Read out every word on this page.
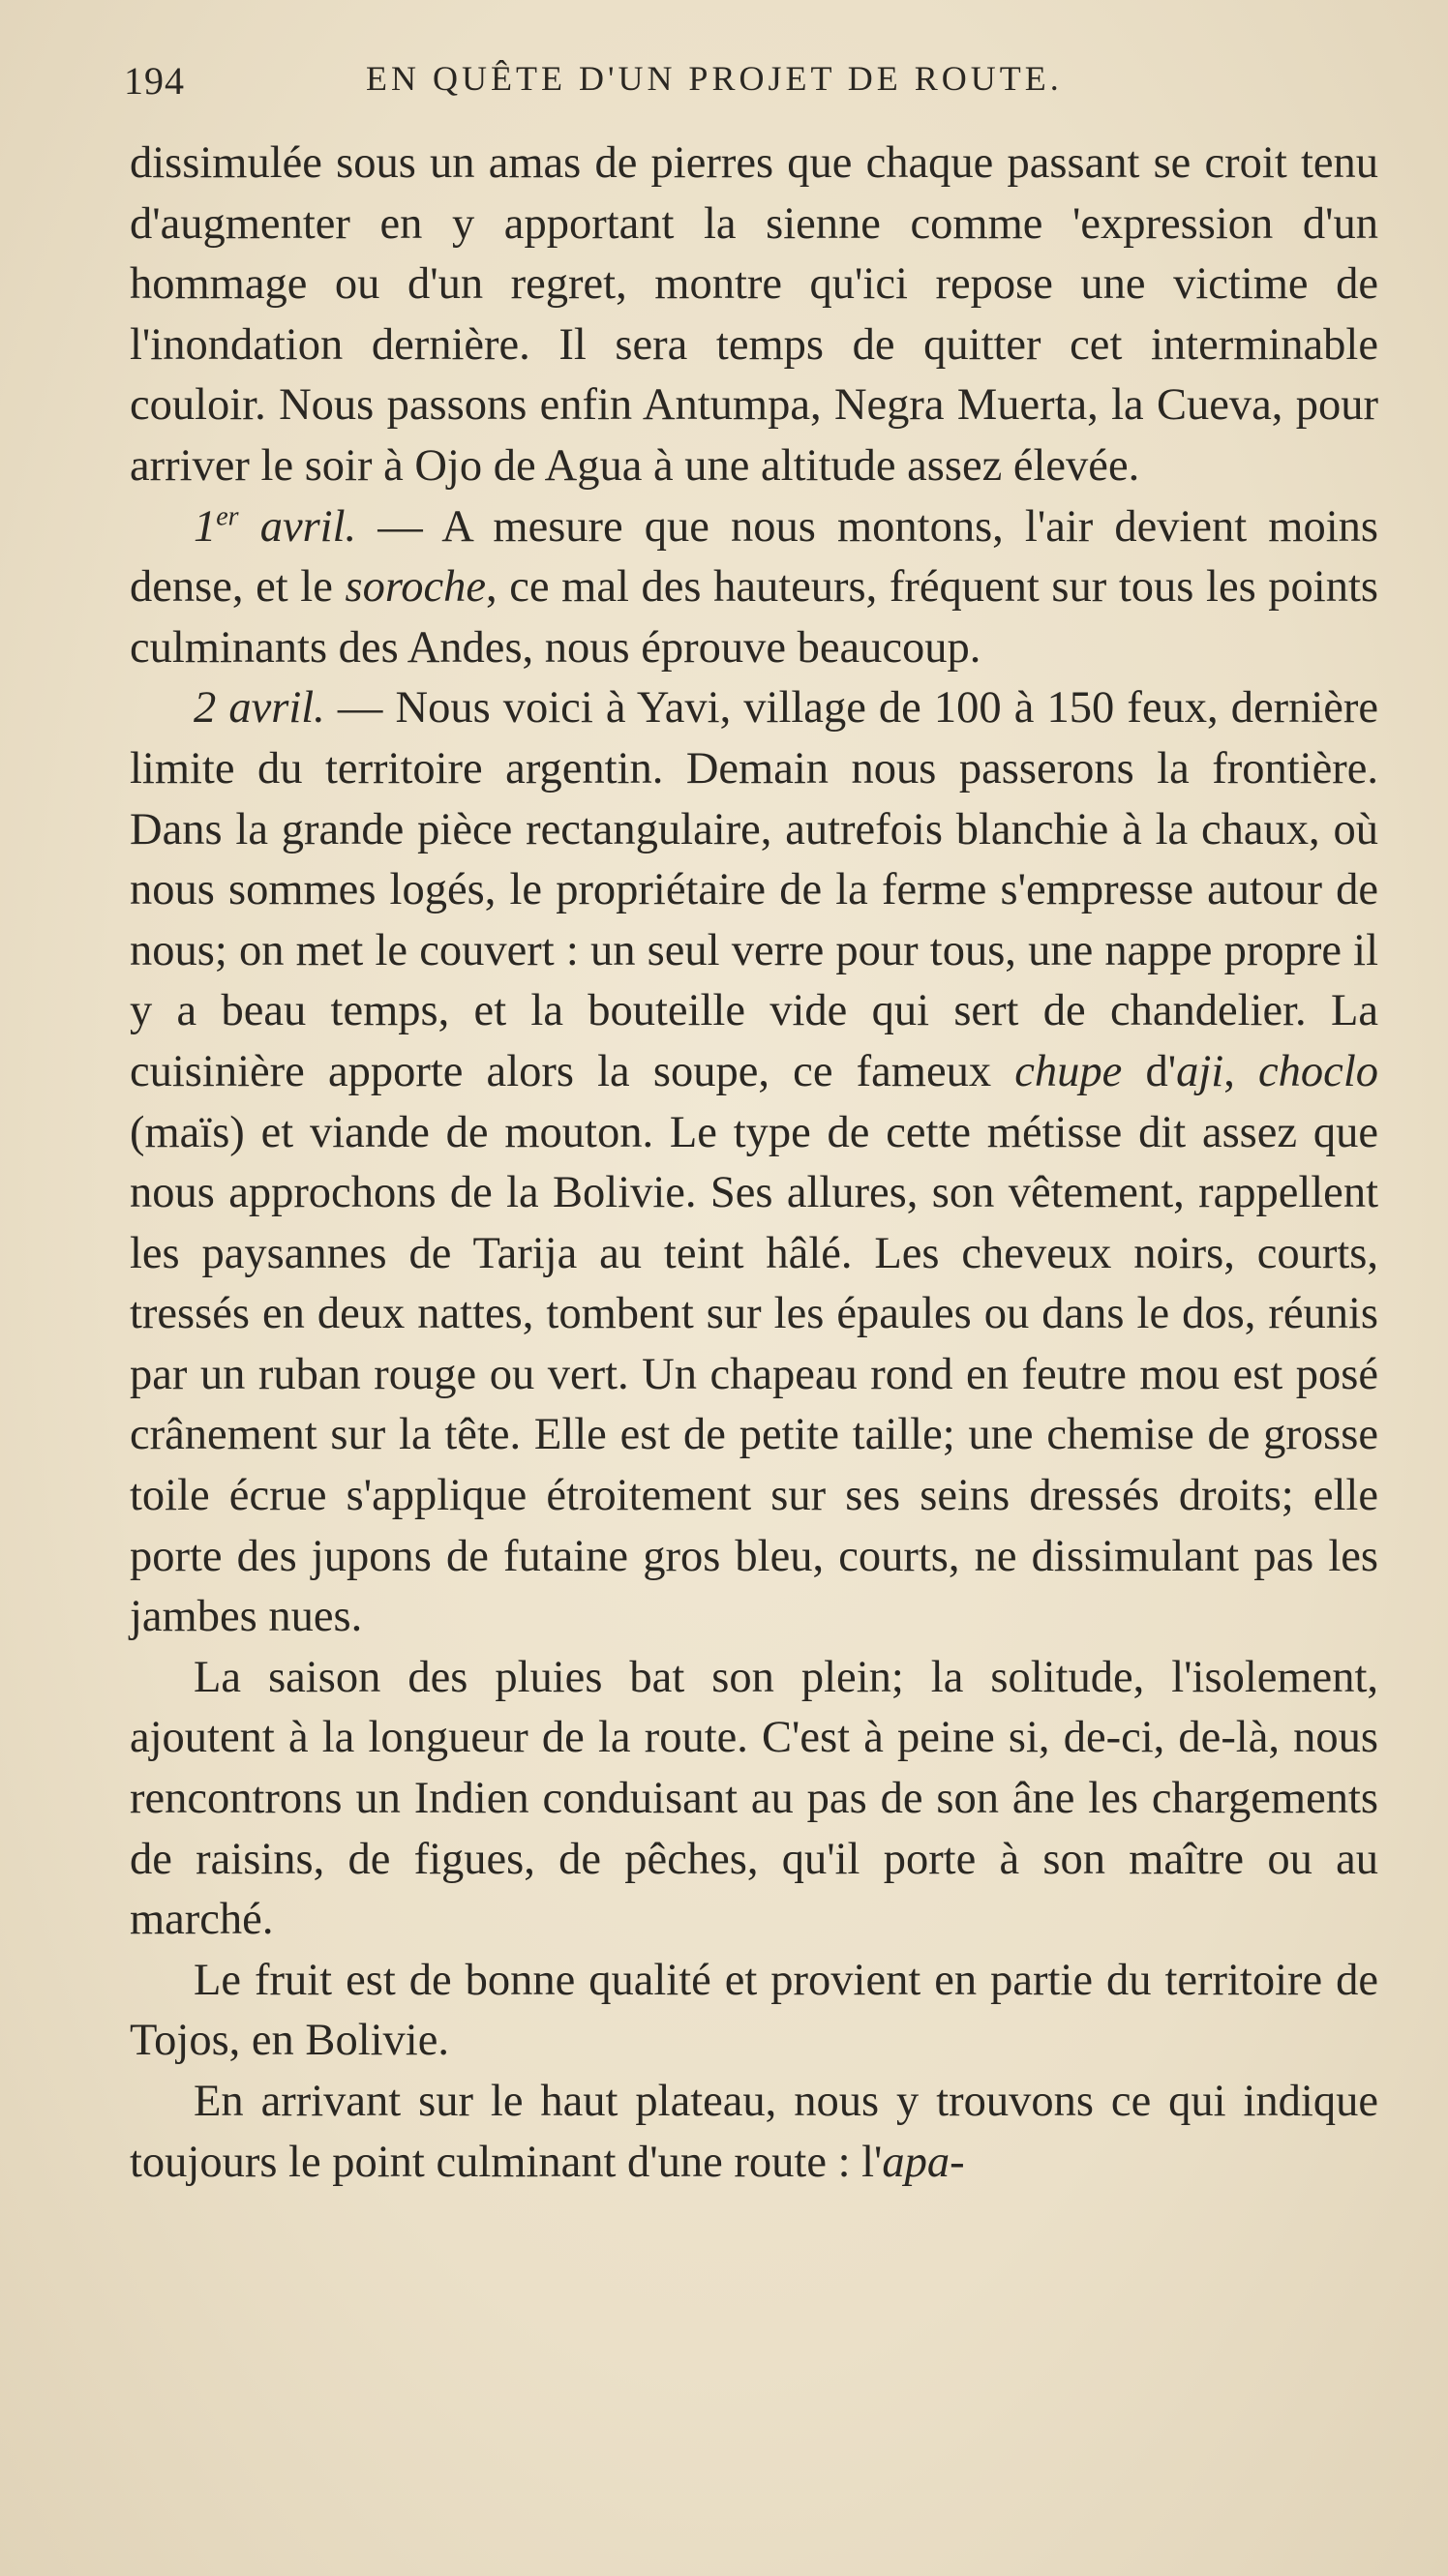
194	EN QUÊTE D'UN PROJET DE ROUTE.

dissimulée sous un amas de pierres que chaque passant se croit tenu d'augmenter en y apportant la sienne comme 'expression d'un hommage ou d'un regret, montre qu'ici repose une victime de l'inondation dernière. Il sera temps de quitter cet interminable couloir. Nous passons enfin Antumpa, Negra Muerta, la Cueva, pour arriver le soir à Ojo de Agua à une altitude assez élevée.

1er avril. — A mesure que nous montons, l'air devient moins dense, et le soroche, ce mal des hauteurs, fréquent sur tous les points culminants des Andes, nous éprouve beaucoup.

2 avril. — Nous voici à Yavi, village de 100 à 150 feux, dernière limite du territoire argentin. Demain nous passerons la frontière. Dans la grande pièce rectangulaire, autrefois blanchie à la chaux, où nous sommes logés, le propriétaire de la ferme s'empresse autour de nous; on met le couvert : un seul verre pour tous, une nappe propre il y a beau temps, et la bouteille vide qui sert de chandelier. La cuisinière apporte alors la soupe, ce fameux chupe d'aji, choclo (maïs) et viande de mouton. Le type de cette métisse dit assez que nous approchons de la Bolivie. Ses allures, son vêtement, rappellent les paysannes de Tarija au teint hâlé. Les cheveux noirs, courts, tressés en deux nattes, tombent sur les épaules ou dans le dos, réunis par un ruban rouge ou vert. Un chapeau rond en feutre mou est posé crânement sur la tête. Elle est de petite taille; une chemise de grosse toile écrue s'applique étroitement sur ses seins dressés droits; elle porte des jupons de futaine gros bleu, courts, ne dissimulant pas les jambes nues.

La saison des pluies bat son plein; la solitude, l'isolement, ajoutent à la longueur de la route. C'est à peine si, de-ci, de-là, nous rencontrons un Indien conduisant au pas de son âne les chargements de raisins, de figues, de pêches, qu'il porte à son maître ou au marché.

Le fruit est de bonne qualité et provient en partie du territoire de Tojos, en Bolivie.

En arrivant sur le haut plateau, nous y trouvons ce qui indique toujours le point culminant d'une route : l'apa-
